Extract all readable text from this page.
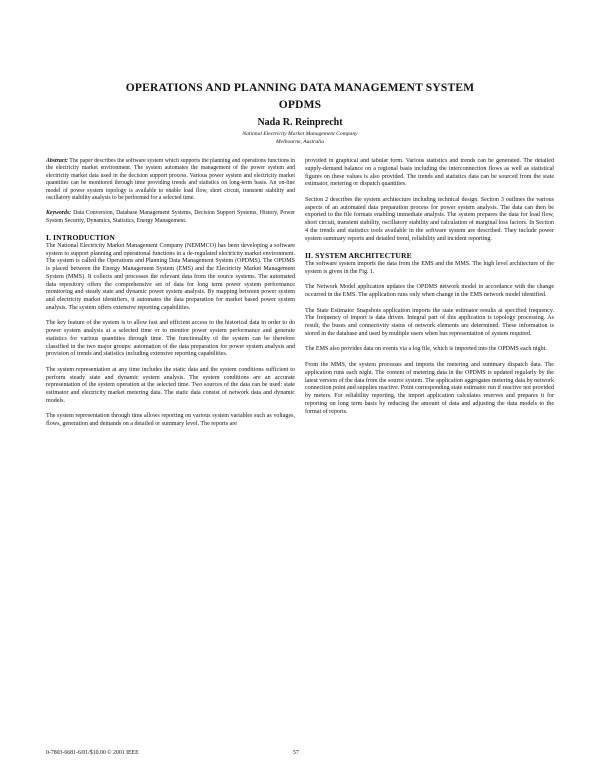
OPERATIONS AND PLANNING DATA MANAGEMENT SYSTEM
OPDMS
Nada R. Reinprecht
National Electricity Market Management Company
Melbourne, Australia

Abstract: The paper describes the software system which supports the planning and operations functions in the electricity market environment. The system automates the management of the power system and electricity market data used in the decision support process. Various power system and electricity market quantities can be monitored through time providing trends and statistics on long-term basis. An on-line model of power system topology is available to enable load flow, short circuit, transient stability and oscillatory stability analysis to be performed for a selected time.

Keywords: Data Conversion, Database Management Systems, Decision Support Systems, History, Power System Security, Dynamics, Statistics, Energy Management.

I. INTRODUCTION

The National Electricity Market Management Company (NEMMCO) has been developing a software system to support planning and operational functions in a de-regulated electricity market environment. The system is called the Operations and Planning Data Management System (OPDMS). The OPDMS is placed between the Energy Management System (EMS) and the Electricity Market Management System (MMS). It collects and processes the relevant data from the source systems. The automated data repository offers the comprehensive set of data for long term power system performance monitoring and steady state and dynamic power system analysis. By mapping between power system and electricity market identifiers, it automates the data preparation for market based power system analysis. The system offers extensive reporting capabilities.

The key feature of the system is to allow fast and efficient access to the historical data in order to do power system analysis at a selected time or to monitor power system performance and generate statistics for various quantities through time. The functionality of the system can be therefore classified in the two major groups: automation of the data preparation for power system analysis and provision of trends and statistics including extensive reporting capabilities.

The system representation at any time includes the static data and the system conditions sufficient to perform steady state and dynamic system analysis. The system conditions are an accurate representation of the system operation at the selected time. Two sources of the data can be used: state estimator and electricity market metering data. The static data consist of network data and dynamic models.

The system representation through time allows reporting on various system variables such as voltages, flows, generation and demands on a detailed or summary level. The reports are

provided in graphical and tabular form. Various statistics and trends can be generated. The detailed supply-demand balance on a regional basis including the interconnection flows as well as statistical figures on these values is also provided. The trends and statistics data can be sourced from the state estimator, metering or dispatch quantities.

Section 2 describes the system architecture including technical design. Section 3 outlines the various aspects of an automated data preparation process for power system analysis. The data can then be exported to the file formats enabling immediate analysis. The system prepares the data for load flow, short circuit, transient stability, oscillatory stability and calculation of marginal loss factors. In Section 4 the trends and statistics tools available in the software system are described. They include power system summary reports and detailed trend, reliability and incident reporting.

II. SYSTEM ARCHITECTURE

The software system imports the data from the EMS and the MMS. The high level architecture of the system is given in the Fig. 1.

The Network Model application updates the OPDMS network model in accordance with the change occurred in the EMS. The application runs only when change in the EMS network model identified.

The State Estimator Snapshots application imports the state estimator results at specified frequency. The frequency of import is data driven. Integral part of this application is topology processing. As result, the buses and connectivity status of network elements are determined. These information is stored in the database and used by multiple users when bus representation of system required.

The EMS also provides data on events via a log file, which is imported into the OPDMS each night.

From the MMS, the system processes and imports the metering and summary dispatch data. The application runs each night. The content of metering data in the OPDMS is updated regularly by the latest version of the data from the source system. The application aggregates metering data by network connection point and supplies reactive. Point corresponding state estimator run if reactive not provided by meters. For reliability reporting, the import application calculates reserves and prepares it for reporting on long term basis by reducing the amount of data and adjusting the data models to the format of reports.

0-7803-6681-6/01/$10.00 © 2001 IEEE	57
